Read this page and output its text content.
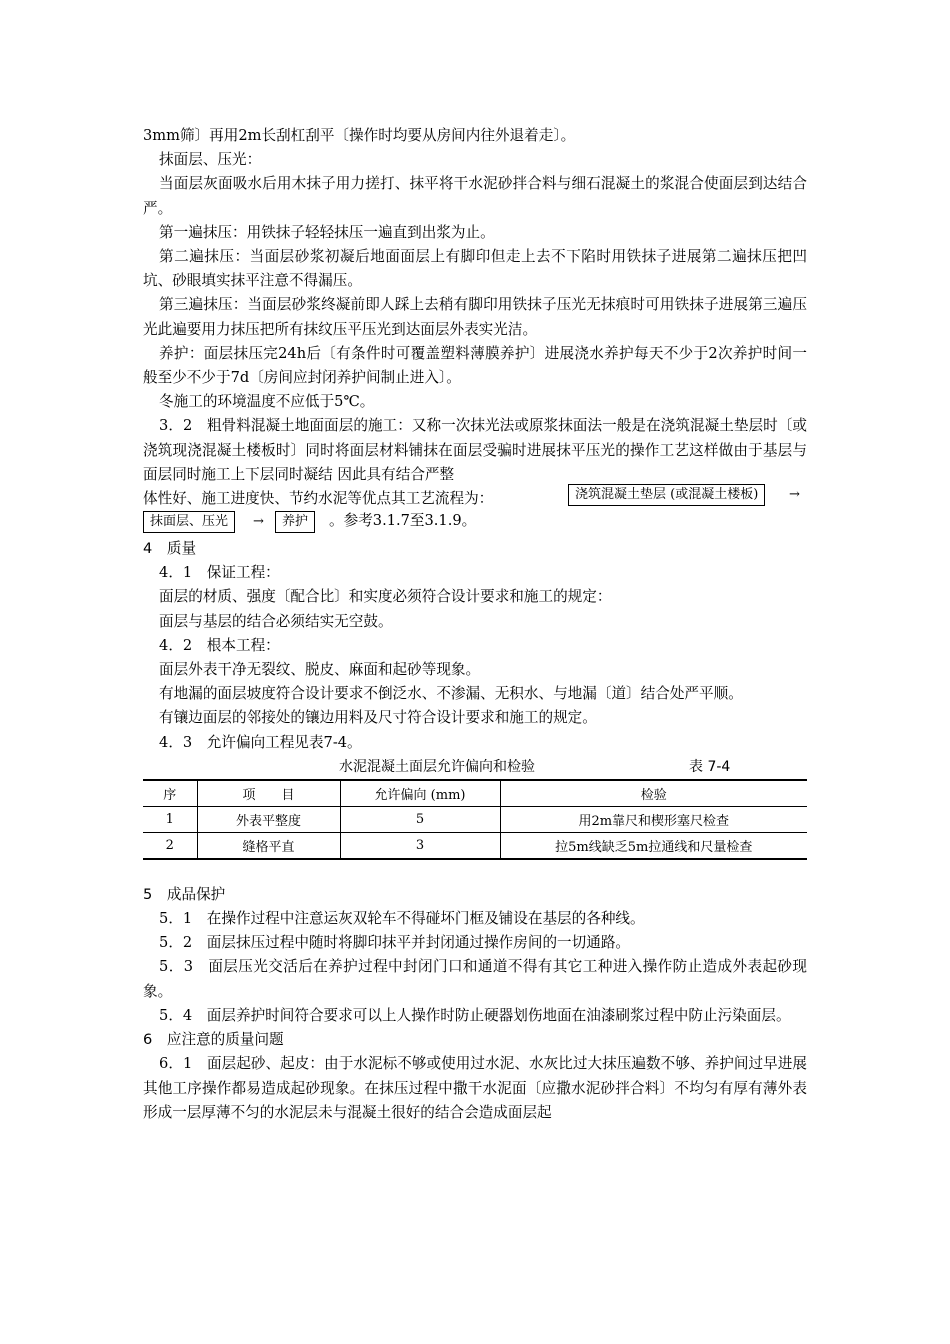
3mm筛〕再用2m长刮杠刮平〔操作时均要从房间内往外退着走〕。

抹面层、压光：

当面层灰面吸水后用木抹子用力搓打、抹平将干水泥砂拌合料与细石混凝土的浆混合使面层到达结合严。

第一遍抹压：用铁抹子轻轻抹压一遍直到出浆为止。

第二遍抹压：当面层砂浆初凝后地面面层上有脚印但走上去不下陷时用铁抹子进展第二遍抹压把凹坑、砂眼填实抹平注意不得漏压。

第三遍抹压：当面层砂浆终凝前即人踩上去稍有脚印用铁抹子压光无抹痕时可用铁抹子进展第三遍压光此遍要用力抹压把所有抹纹压平压光到达面层外表实光洁。

养护：面层抹压完24h后〔有条件时可覆盖塑料薄膜养护〕进展浇水养护每天不少于2次养护时间一般至少不少于7d〔房间应封闭养护间制止进入〕。

冬施工的环境温度不应低于5℃。

3．2　粗骨料混凝土地面面层的施工：又称一次抹光法或原浆抹面法一般是在浇筑混凝土垫层时〔或浇筑现浇混凝土楼板时〕同时将面层材料铺抹在面层受骗时进展抹平压光的操作工艺这样做由于基层与面层同时施工上下层同时凝结 因此具有结合严整

体性好、施工进度快、节约水泥等优点其工艺流程为：	浇筑混凝土垫层 (或混凝土楼板)	→
抹面层、压光	→	养护	。参考3.1.7至3.1.9。

4　质量

4．1　保证工程：

面层的材质、强度〔配合比〕和实度必须符合设计要求和施工的规定：

面层与基层的结合必须结实无空鼓。

4．2　根本工程：

面层外表干净无裂纹、脱皮、麻面和起砂等现象。

有地漏的面层坡度符合设计要求不倒泛水、不渗漏、无积水、与地漏〔道〕结合处严平顺。

有镶边面层的邻接处的镶边用料及尺寸符合设计要求和施工的规定。

4．3　允许偏向工程见表7-4。

水泥混凝土面层允许偏向和检验	表 7-4
序	项　　目	允许偏向 (mm)	检验
1	外表平整度	5	用2m靠尺和楔形塞尺检查
2	缝格平直	3	拉5m线缺乏5m拉通线和尺量检查

5　成品保护

5．1　在操作过程中注意运灰双轮车不得碰坏门框及铺设在基层的各种线。

5．2　面层抹压过程中随时将脚印抹平并封闭通过操作房间的一切通路。

5．3　面层压光交活后在养护过程中封闭门口和通道不得有其它工种进入操作防止造成外表起砂现象。

5．4　面层养护时间符合要求可以上人操作时防止硬器划伤地面在油漆刷浆过程中防止污染面层。

6　应注意的质量问题

6．1　面层起砂、起皮：由于水泥标不够或使用过水泥、水灰比过大抹压遍数不够、养护间过早进展其他工序操作都易造成起砂现象。在抹压过程中撒干水泥面〔应撒水泥砂拌合料〕不均匀有厚有薄外表形成一层厚薄不匀的水泥层未与混凝土很好的结合会造成面层起
